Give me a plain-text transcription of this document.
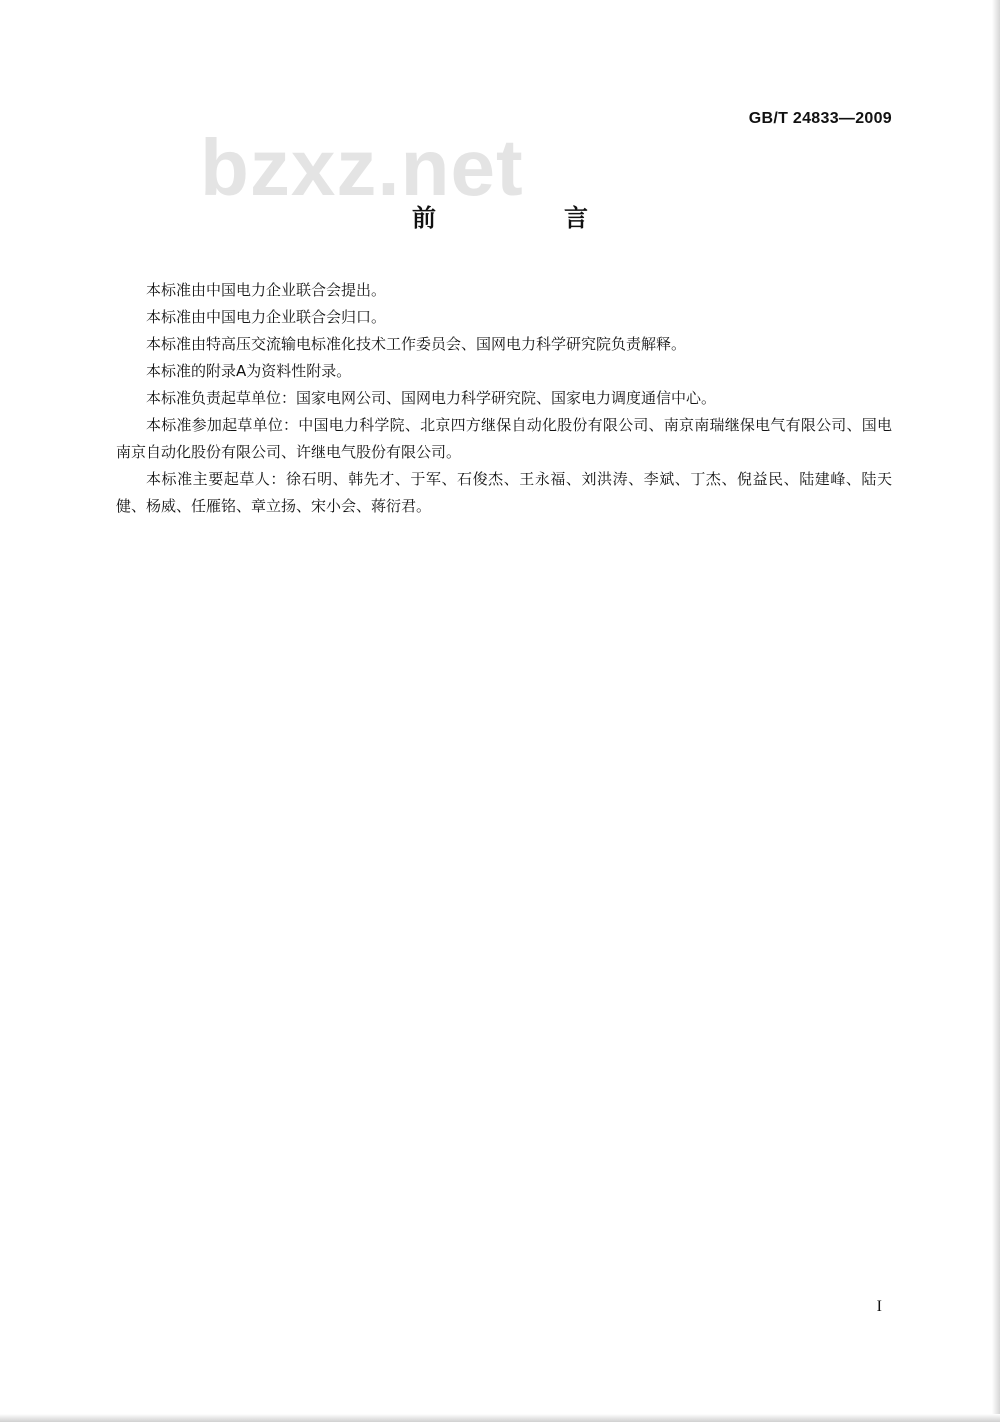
GB/T 24833—2009
bzxz.net
前　言

本标准由中国电力企业联合会提出。

本标准由中国电力企业联合会归口。

本标准由特高压交流输电标准化技术工作委员会、国网电力科学研究院负责解释。

本标准的附录A为资料性附录。

本标准负责起草单位：国家电网公司、国网电力科学研究院、国家电力调度通信中心。

本标准参加起草单位：中国电力科学院、北京四方继保自动化股份有限公司、南京南瑞继保电气有限公司、国电南京自动化股份有限公司、许继电气股份有限公司。

本标准主要起草人：徐石明、韩先才、于军、石俊杰、王永福、刘洪涛、李斌、丁杰、倪益民、陆建峰、陆天健、杨威、任雁铭、章立扬、宋小会、蒋衍君。

I
